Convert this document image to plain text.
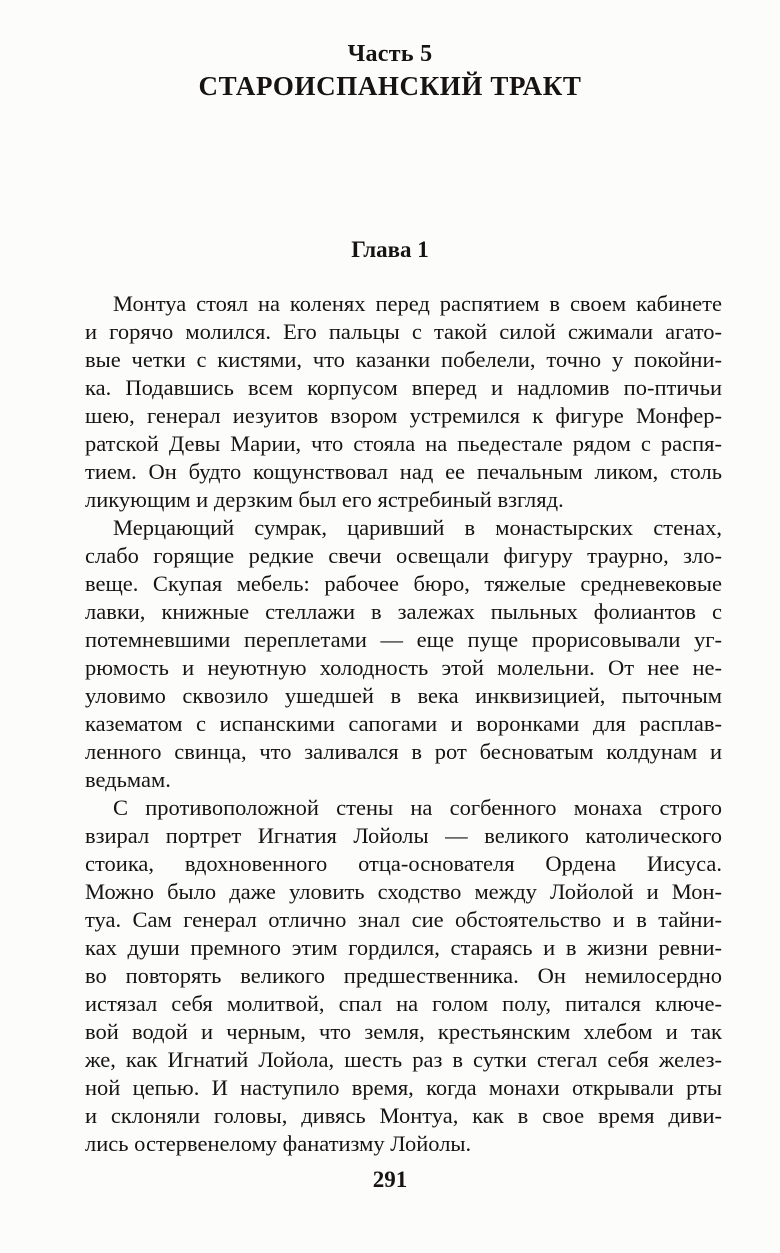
Часть 5
СТАРОИСПАНСКИЙ ТРАКТ
Глава 1
Монтуа стоял на коленях перед распятием в своем кабинете
и горячо молился. Его пальцы с такой силой сжимали агато-
вые четки с кистями, что казанки побелели, точно у покойни-
ка. Подавшись всем корпусом вперед и надломив по-птичьи
шею, генерал иезуитов взором устремился к фигуре Монфер-
ратской Девы Марии, что стояла на пьедестале рядом с распя-
тием. Он будто кощунствовал над ее печальным ликом, столь
ликующим и дерзким был его ястребиный взгляд.
Мерцающий сумрак, царивший в монастырских стенах,
слабо горящие редкие свечи освещали фигуру траурно, зло-
веще. Скупая мебель: рабочее бюро, тяжелые средневековые
лавки, книжные стеллажи в залежах пыльных фолиантов с
потемневшими переплетами — еще пуще прорисовывали уг-
рюмость и неуютную холодность этой молельни. От нее не-
уловимо сквозило ушедшей в века инквизицией, пыточным
казематом с испанскими сапогами и воронками для расплав-
ленного свинца, что заливался в рот бесноватым колдунам и
ведьмам.
С противоположной стены на согбенного монаха строго
взирал портрет Игнатия Лойолы — великого католического
стоика, вдохновенного отца-основателя Ордена Иисуса.
Можно было даже уловить сходство между Лойолой и Мон-
туа. Сам генерал отлично знал сие обстоятельство и в тайни-
ках души премного этим гордился, стараясь и в жизни ревни-
во повторять великого предшественника. Он немилосердно
истязал себя молитвой, спал на голом полу, питался ключе-
вой водой и черным, что земля, крестьянским хлебом и так
же, как Игнатий Лойола, шесть раз в сутки стегал себя желез-
ной цепью. И наступило время, когда монахи открывали рты
и склоняли головы, дивясь Монтуа, как в свое время диви-
лись остервенелому фанатизму Лойолы.
291
